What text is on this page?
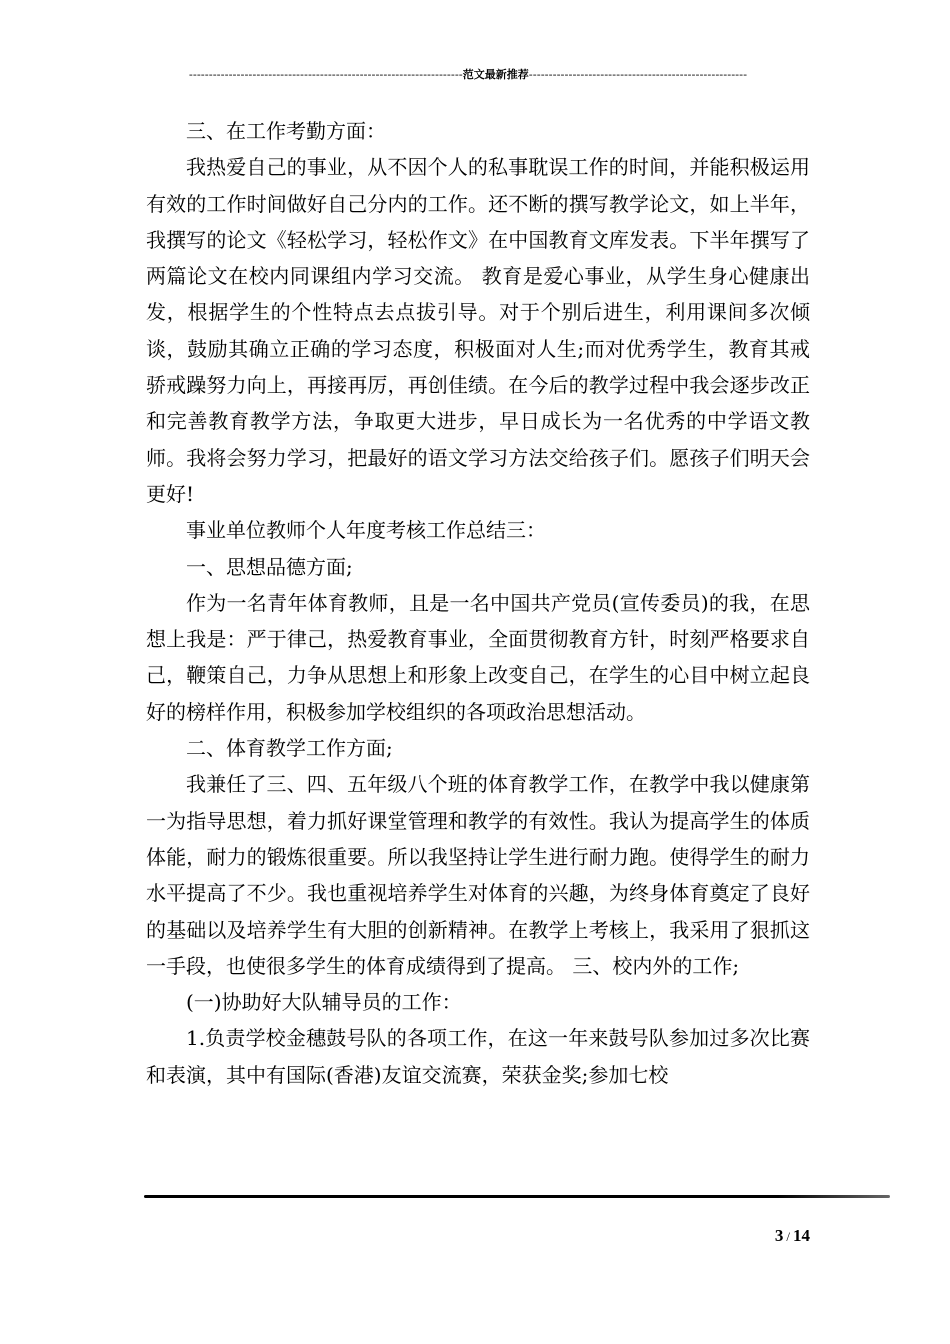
---------------------------------------------------------------------范文最新推荐-------------------------------------------------------

三、在工作考勤方面：

我热爱自己的事业，从不因个人的私事耽误工作的时间，并能积极运用有效的工作时间做好自己分内的工作。还不断的撰写教学论文，如上半年，我撰写的论文《轻松学习，轻松作文》在中国教育文库发表。下半年撰写了两篇论文在校内同课组内学习交流。 教育是爱心事业，从学生身心健康出发，根据学生的个性特点去点拔引导。对于个别后进生，利用课间多次倾谈，鼓励其确立正确的学习态度，积极面对人生;而对优秀学生，教育其戒骄戒躁努力向上，再接再厉，再创佳绩。在今后的教学过程中我会逐步改正和完善教育教学方法，争取更大进步，早日成长为一名优秀的中学语文教师。我将会努力学习，把最好的语文学习方法交给孩子们。愿孩子们明天会更好!

事业单位教师个人年度考核工作总结三：

一、思想品德方面;

作为一名青年体育教师，且是一名中国共产党员(宣传委员)的我，在思想上我是：严于律己，热爱教育事业，全面贯彻教育方针，时刻严格要求自己，鞭策自己，力争从思想上和形象上改变自己，在学生的心目中树立起良好的榜样作用，积极参加学校组织的各项政治思想活动。

二、体育教学工作方面;

我兼任了三、四、五年级八个班的体育教学工作，在教学中我以健康第一为指导思想，着力抓好课堂管理和教学的有效性。我认为提高学生的体质体能，耐力的锻炼很重要。所以我坚持让学生进行耐力跑。使得学生的耐力水平提高了不少。我也重视培养学生对体育的兴趣，为终身体育奠定了良好的基础以及培养学生有大胆的创新精神。在教学上考核上，我采用了狠抓这一手段，也使很多学生的体育成绩得到了提高。 三、校内外的工作;

(一)协助好大队辅导员的工作：

1.负责学校金穗鼓号队的各项工作，在这一年来鼓号队参加过多次比赛和表演，其中有国际(香港)友谊交流赛，荣获金奖;参加七校

3 / 14
